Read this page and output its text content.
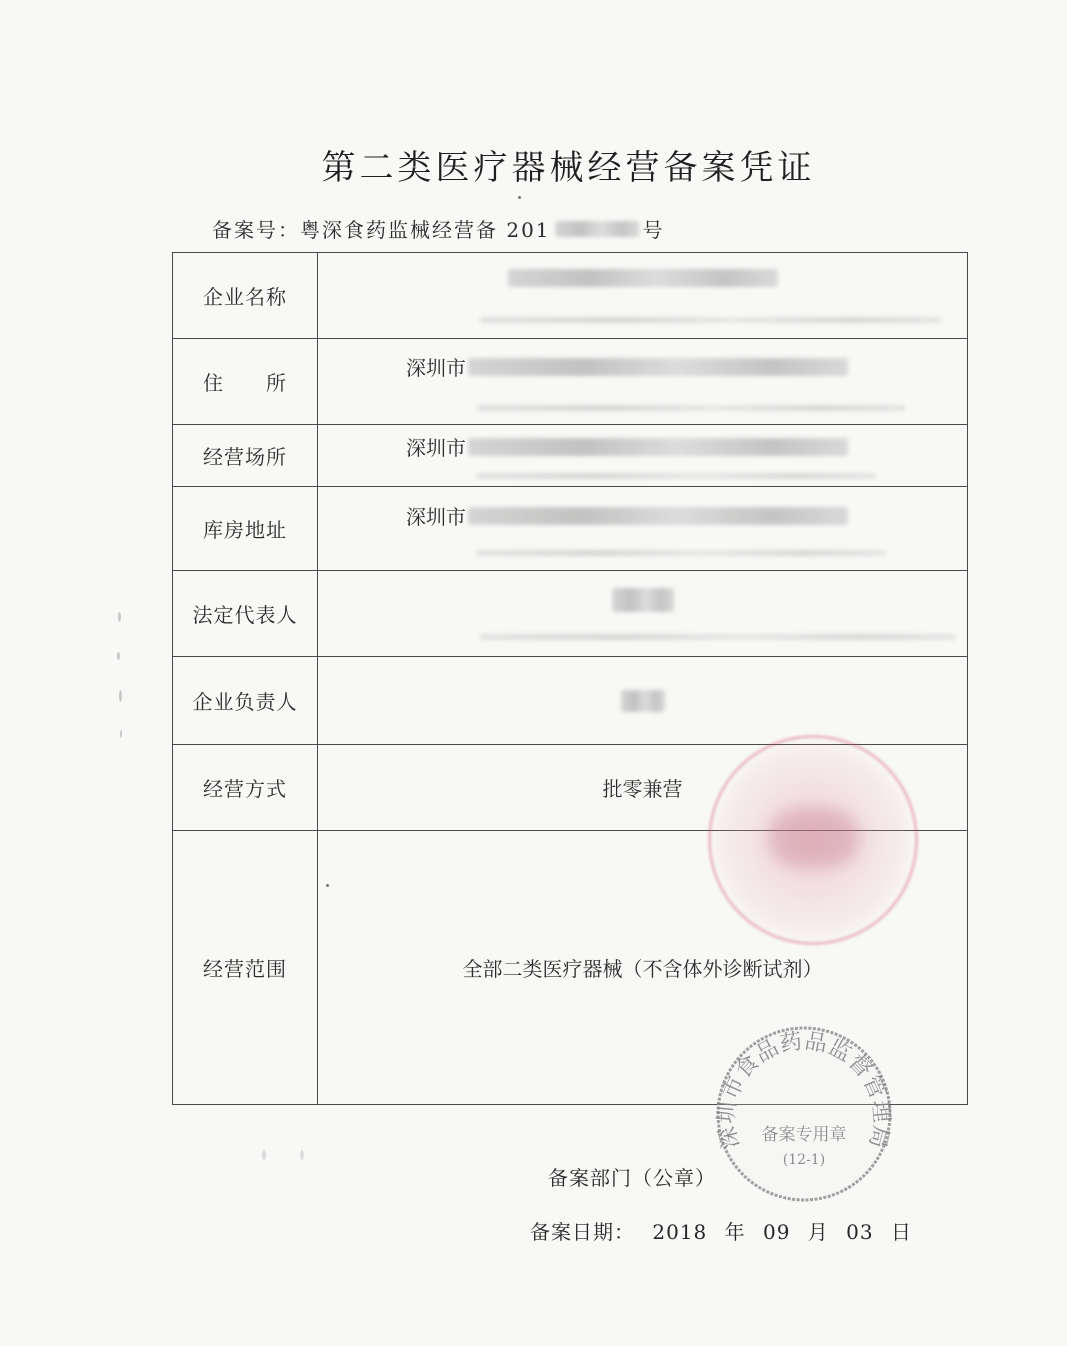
第二类医疗器械经营备案凭证
备案号： 粤深食药监械经营备 201	号
企业名称	

住　　所	深圳市

经营场所	深圳市

库房地址	深圳市

法定代表人	

企业负责人	

经营方式	批零兼营
经营范围	全部二类医疗器械（不含体外诊断试剂）
深圳市食品药品监督管理局
备案专用章
(12-1)
备案部门（公章）
备案日期： 2018 年 09 月 03 日
